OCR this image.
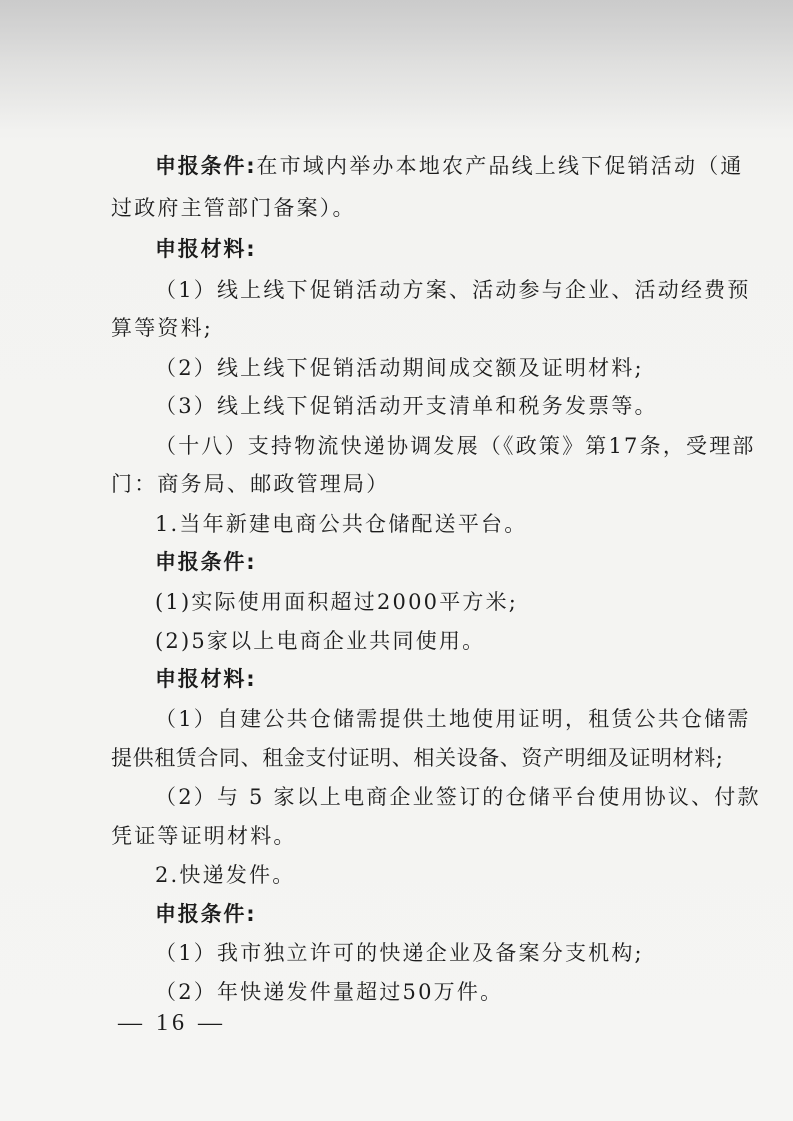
申报条件:在市域内举办本地农产品线上线下促销活动（通
过政府主管部门备案）。
申报材料:
（1）线上线下促销活动方案、活动参与企业、活动经费预
算等资料;
（2）线上线下促销活动期间成交额及证明材料;
（3）线上线下促销活动开支清单和税务发票等。
（十八）支持物流快递协调发展（《政策》第17条，受理部
门：商务局、邮政管理局）
1.当年新建电商公共仓储配送平台。
申报条件:
(1)实际使用面积超过2000平方米;
(2)5家以上电商企业共同使用。
申报材料:
（1）自建公共仓储需提供土地使用证明，租赁公共仓储需
提供租赁合同、租金支付证明、相关设备、资产明细及证明材料;
（2）与 5 家以上电商企业签订的仓储平台使用协议、付款
凭证等证明材料。
2.快递发件。
申报条件:
（1）我市独立许可的快递企业及备案分支机构;
（2）年快递发件量超过50万件。
— 16 —
